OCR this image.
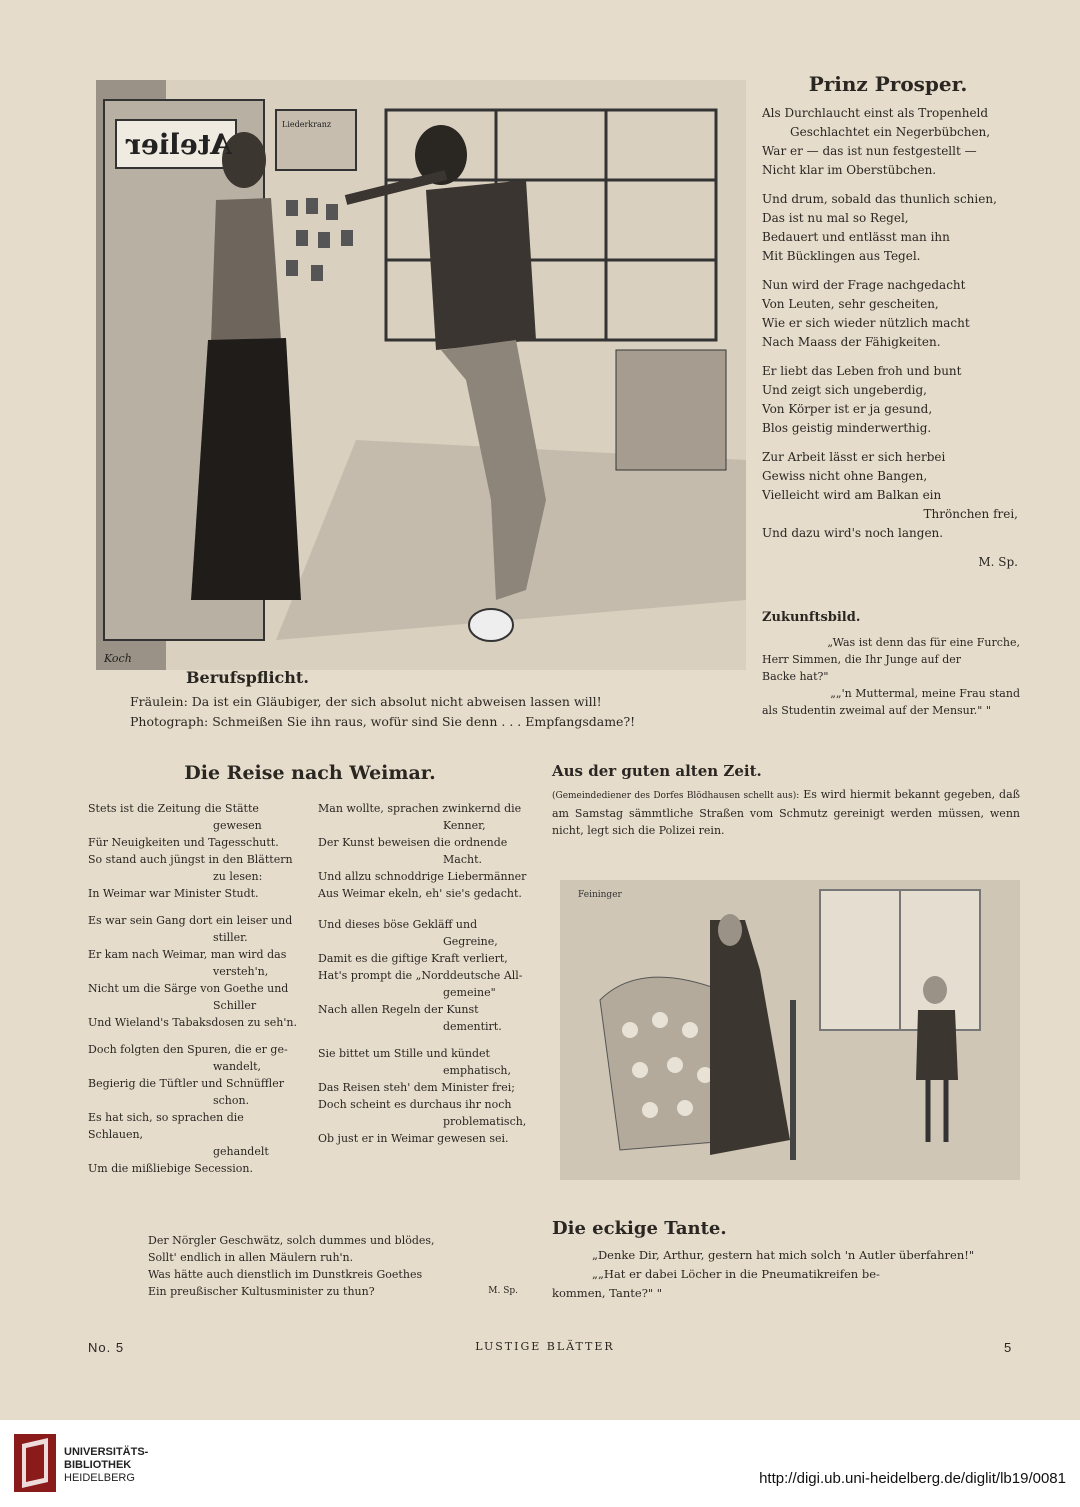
Atelier
Liederkranz
Koch
Berufspflicht.
Fräulein: Da ist ein Gläubiger, der sich absolut nicht abweisen lassen will!
Photograph: Schmeißen Sie ihn raus, wofür sind Sie denn . . . Empfangsdame?!
Prinz Prosper.

Als Durchlaucht einst als Tropenheld

Geschlachtet ein Negerbübchen,

War er — das ist nun festgestellt —

Nicht klar im Oberstübchen.

Und drum, sobald das thunlich schien,

Das ist nu mal so Regel,

Bedauert und entlässt man ihn

Mit Bücklingen aus Tegel.

Nun wird der Frage nachgedacht

Von Leuten, sehr gescheiten,

Wie er sich wieder nützlich macht

Nach Maass der Fähigkeiten.

Er liebt das Leben froh und bunt

Und zeigt sich ungeberdig,

Von Körper ist er ja gesund,

Blos geistig minderwerthig.

Zur Arbeit lässt er sich herbei

Gewiss nicht ohne Bangen,

Vielleicht wird am Balkan ein

Thrönchen frei,

Und dazu wird's noch langen.

M. Sp.

Zukunftsbild.

„Was ist denn das für eine Furche,

Herr Simmen, die Ihr Junge auf der

Backe hat?"

„„'n Muttermal, meine Frau stand

als Studentin zweimal auf der Mensur." "

Die Reise nach Weimar.

Stets ist die Zeitung die Stätte

gewesen

Für Neuigkeiten und Tagesschutt.

So stand auch jüngst in den Blättern

zu lesen:

In Weimar war Minister Studt.

Es war sein Gang dort ein leiser und

stiller.

Er kam nach Weimar, man wird das

versteh'n,

Nicht um die Särge von Goethe und

Schiller

Und Wieland's Tabaksdosen zu seh'n.

Doch folgten den Spuren, die er ge-

wandelt,

Begierig die Tüftler und Schnüffler

schon.

Es hat sich, so sprachen die Schlauen,

gehandelt

Um die mißliebige Secession.

Man wollte, sprachen zwinkernd die

Kenner,

Der Kunst beweisen die ordnende

Macht.

Und allzu schnoddrige Liebermänner

Aus Weimar ekeln, eh' sie's gedacht.

Und dieses böse Gekläff und

Gegreine,

Damit es die giftige Kraft verliert,

Hat's prompt die „Norddeutsche All-

gemeine"

Nach allen Regeln der Kunst

dementirt.

Sie bittet um Stille und kündet

emphatisch,

Das Reisen steh' dem Minister frei;

Doch scheint es durchaus ihr noch

problematisch,

Ob just er in Weimar gewesen sei.

Der Nörgler Geschwätz, solch dummes und blödes,

Sollt' endlich in allen Mäulern ruh'n.

Was hätte auch dienstlich im Dunstkreis Goethes

Ein preußischer Kultusminister zu thun?	M. Sp.

Aus der guten alten Zeit.

(Gemeindediener des Dorfes Blödhausen schellt aus): Es wird hiermit bekannt gegeben, daß am Samstag sämmtliche Straßen vom Schmutz gereinigt werden müssen, wenn nicht, legt sich die Polizei rein.

Feininger
Die eckige Tante.

„Denke Dir, Arthur, gestern hat mich solch 'n Autler überfahren!"

„„Hat er dabei Löcher in die Pneumatikreifen be-

kommen, Tante?" "

No. 5	LUSTIGE BLÄTTER	5
UNIVERSITÄTS-
BIBLIOTHEK
HEIDELBERG	http://digi.ub.uni-heidelberg.de/diglit/lb19/0081
